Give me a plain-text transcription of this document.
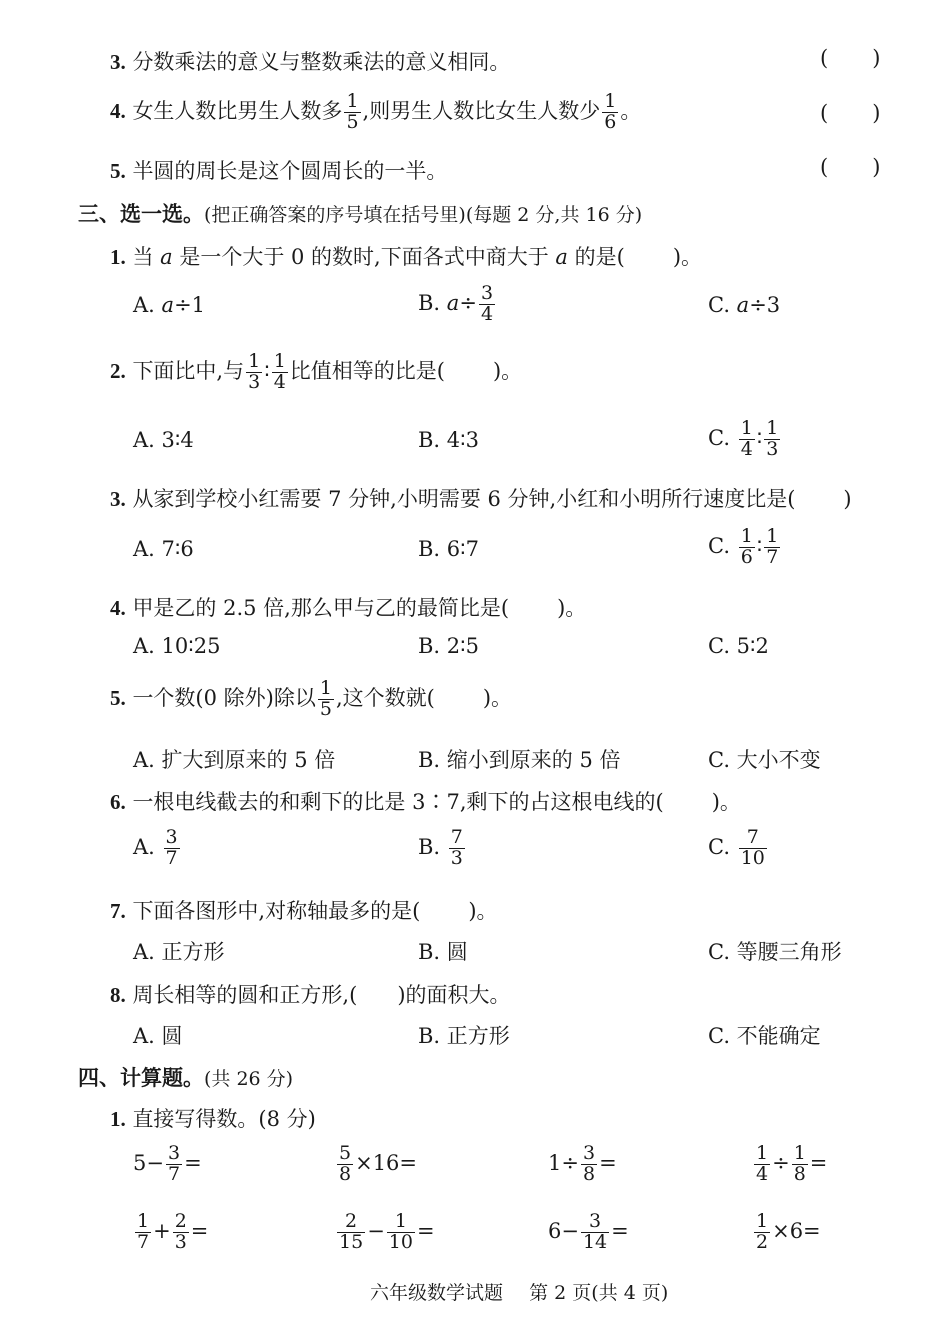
3. 分数乘法的意义与整数乘法的意义相同。	( )
4. 女生人数比男生人数多 $\frac{1}{5}$ ,则男生人数比女生人数少 $\frac{1}{6}$ 。	( )
5. 半圆的周长是这个圆周长的一半。	( )
三、选一选。(把正确答案的序号填在括号里)(每题 2 分,共 16 分)
1. 当 a 是一个大于 0 的数时,下面各式中商大于 a 的是( )。
A. a÷1	B. $a\div \frac{3}{4}$	C. a÷3
2. 下面比中,与 $\frac{1}{3}$ ∶ $\frac{1}{4}$ 比值相等的比是( )。
A. 3∶4	B. 4∶3	C. $\frac{1}{4}$ ∶ $\frac{1}{3}$
3. 从家到学校小红需要 7 分钟,小明需要 6 分钟,小红和小明所行速度比是( )
A. 7∶6	B. 6∶7	C. $\frac{1}{6}$ ∶ $\frac{1}{7}$
4. 甲是乙的 2.5 倍,那么甲与乙的最简比是( )。
A. 10∶25	B. 2∶5	C. 5∶2
5. 一个数(0 除外)除以 $\frac{1}{5}$ ,这个数就( )。
A. 扩大到原来的 5 倍	B. 缩小到原来的 5 倍	C. 大小不变
6. 一根电线截去的和剩下的比是 3∶7,剩下的占这根电线的( )。
A. $\frac{3}{7}$	B. $\frac{7}{3}$	C. $\frac{7}{10}$
7. 下面各图形中,对称轴最多的是( )。
A. 正方形	B. 圆	C. 等腰三角形
8. 周长相等的圆和正方形,( )的面积大。
A. 圆	B. 正方形	C. 不能确定
四、计算题。(共 26 分)
1. 直接写得数。(8 分)
$5- \frac{3}{7}$ =	$\frac{5}{8} \times 16=$	$1\div \frac{3}{8}$ =	$\frac{1}{4} \div \frac{1}{8}$ =
$\frac{1}{7} + \frac{2}{3}$ =	$\frac{2}{15} - \frac{1}{10}$ =	$6- \frac{3}{14}$ =	$\frac{1}{2} \times 6=$
六年级数学试题 第 2 页(共 4 页)
